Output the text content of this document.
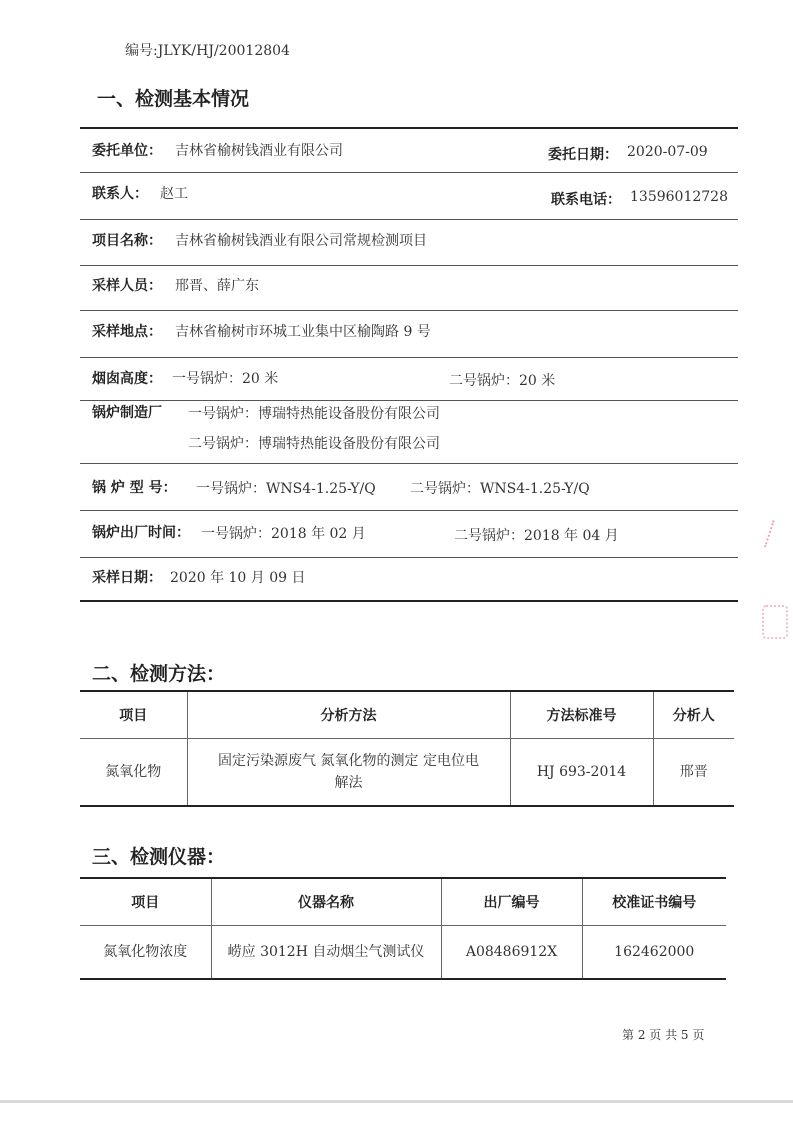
编号:JLYK/HJ/20012804
一、检测基本情况
委托单位： 吉林省榆树钱酒业有限公司	委托日期： 2020-07-09
联系人： 赵工	联系电话： 13596012728
项目名称： 吉林省榆树钱酒业有限公司常规检测项目
采样人员： 邢晋、薛广东
采样地点： 吉林省榆树市环城工业集中区榆陶路 9 号
烟囱高度： 一号锅炉：20 米	二号锅炉：20 米
锅炉制造厂 一号锅炉：博瑞特热能设备股份有限公司
二号锅炉：博瑞特热能设备股份有限公司
锅 炉 型 号： 一号锅炉：WNS4-1.25-Y/Q 二号锅炉：WNS4-1.25-Y/Q
锅炉出厂时间： 一号锅炉：2018 年 02 月	二号锅炉：2018 年 04 月
采样日期： 2020 年 10 月 09 日
二、检测方法：
项目	分析方法	方法标准号	分析人
氮氧化物	固定污染源废气 氮氧化物的测定 定电位电
解法	HJ 693-2014	邢晋
三、检测仪器：
项目	仪器名称	出厂编号	校准证书编号
氮氧化物浓度	崂应 3012H 自动烟尘气测试仪	A08486912X	162462000
第 2 页 共 5 页
